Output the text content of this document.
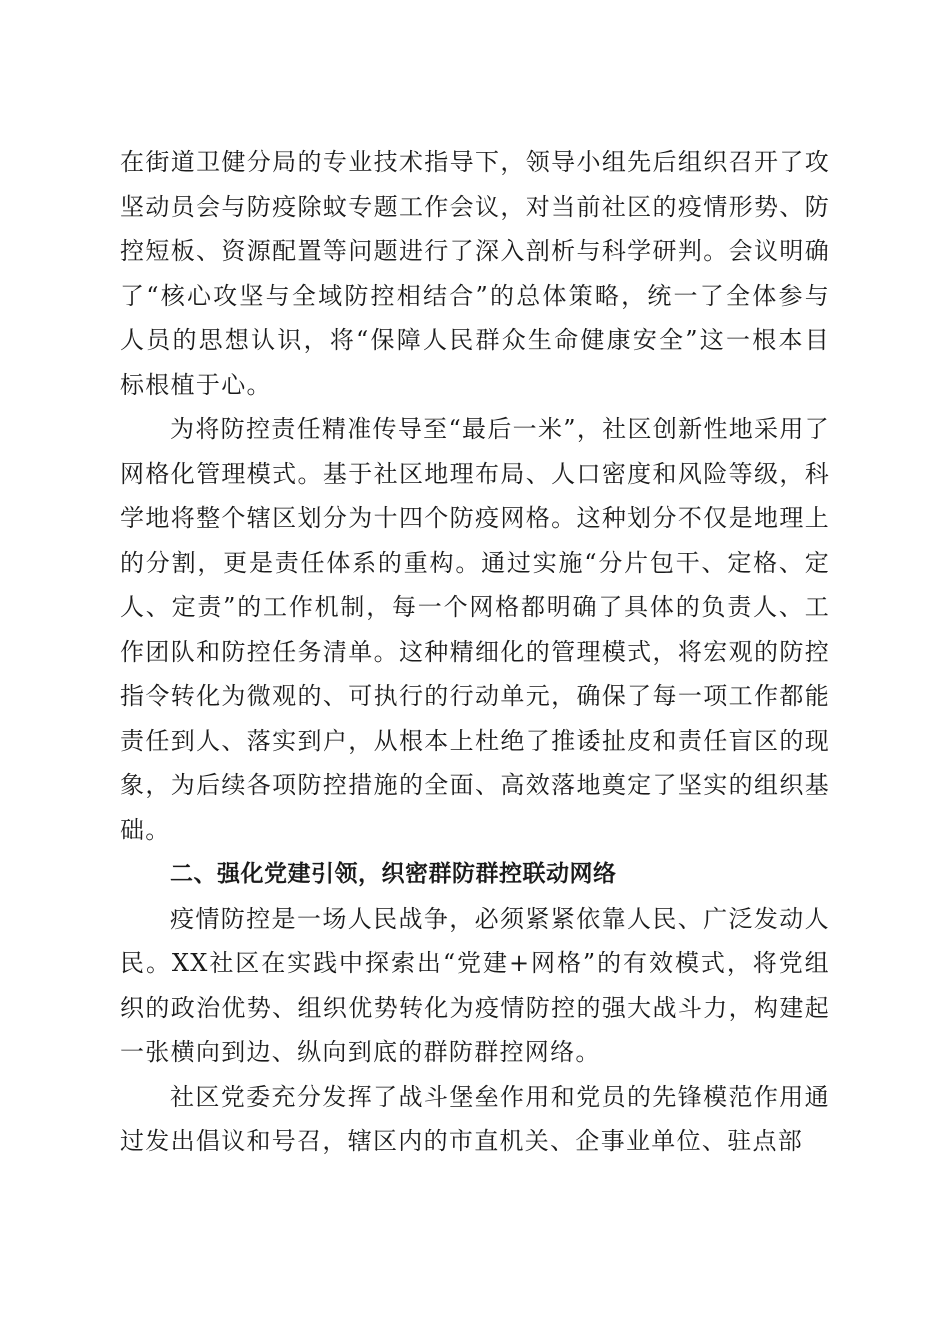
在街道卫健分局的专业技术指导下，领导小组先后组织召开了攻坚动员会与防疫除蚊专题工作会议，对当前社区的疫情形势、防控短板、资源配置等问题进行了深入剖析与科学研判。会议明确了“核心攻坚与全域防控相结合”的总体策略，统一了全体参与人员的思想认识，将“保障人民群众生命健康安全”这一根本目标根植于心。

为将防控责任精准传导至“最后一米”，社区创新性地采用了网格化管理模式。基于社区地理布局、人口密度和风险等级，科学地将整个辖区划分为十四个防疫网格。这种划分不仅是地理上的分割，更是责任体系的重构。通过实施“分片包干、定格、定人、定责”的工作机制，每一个网格都明确了具体的负责人、工作团队和防控任务清单。这种精细化的管理模式，将宏观的防控指令转化为微观的、可执行的行动单元，确保了每一项工作都能责任到人、落实到户，从根本上杜绝了推诿扯皮和责任盲区的现象，为后续各项防控措施的全面、高效落地奠定了坚实的组织基础。

二、强化党建引领，织密群防群控联动网络

疫情防控是一场人民战争，必须紧紧依靠人民、广泛发动人民。XX社区在实践中探索出“党建+网格”的有效模式，将党组织的政治优势、组织优势转化为疫情防控的强大战斗力，构建起一张横向到边、纵向到底的群防群控网络。

社区党委充分发挥了战斗堡垒作用和党员的先锋模范作用通过发出倡议和号召，辖区内的市直机关、企事业单位、驻点部
